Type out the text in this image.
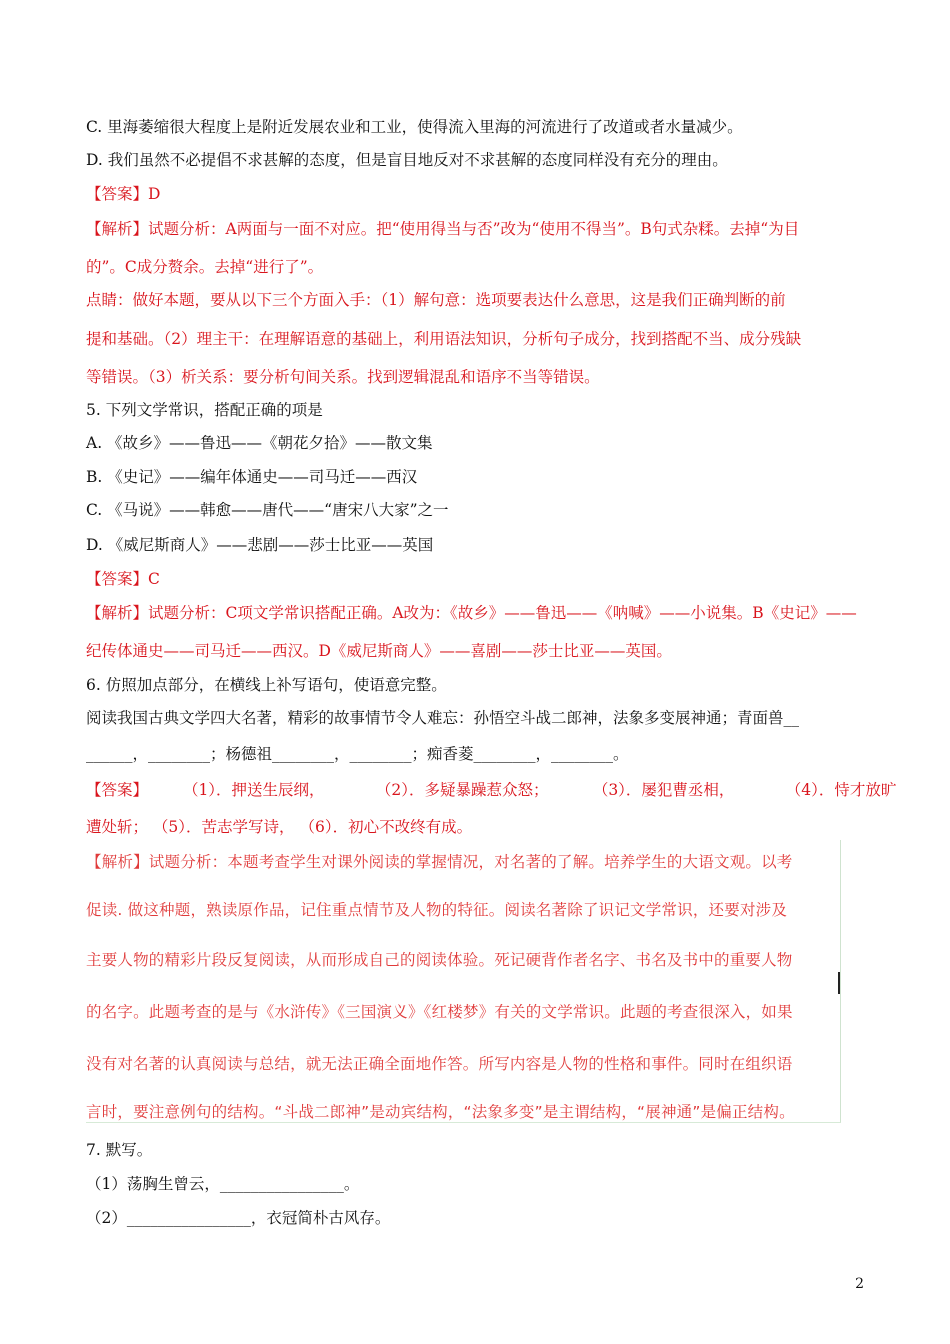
C. 里海萎缩很大程度上是附近发展农业和工业，使得流入里海的河流进行了改道或者水量减少。
D. 我们虽然不必提倡不求甚解的态度，但是盲目地反对不求甚解的态度同样没有充分的理由。
【答案】D
【解析】试题分析：A两面与一面不对应。把“使用得当与否”改为“使用不得当”。B句式杂糅。去掉“为目
的”。C成分赘余。去掉“进行了”。
点睛：做好本题，要从以下三个方面入手：（1）解句意：选项要表达什么意思，这是我们正确判断的前
提和基础。（2）理主干：在理解语意的基础上，利用语法知识，分析句子成分，找到搭配不当、成分残缺
等错误。（3）析关系：要分析句间关系。找到逻辑混乱和语序不当等错误。
5. 下列文学常识，搭配正确的项是
A. 《故乡》——鲁迅——《朝花夕拾》——散文集
B. 《史记》——编年体通史——司马迁——西汉
C. 《马说》——韩愈——唐代——“唐宋八大家”之一
D. 《威尼斯商人》——悲剧——莎士比亚——英国
【答案】C
【解析】试题分析：C项文学常识搭配正确。A改为：《故乡》——鲁迅——《呐喊》——小说集。B《史记》——
纪传体通史——司马迁——西汉。D《威尼斯商人》——喜剧——莎士比亚——英国。
6. 仿照加点部分，在横线上补写语句，使语意完整。
阅读我国古典文学四大名著，精彩的故事情节令人难忘：孙悟空斗战二郎神，法象多变展神通；青面兽__
______，________；杨德祖________，________；痴香菱________，________。
【答案】 （1）．押送生辰纲，	（2）．多疑暴躁惹众怒；	（3）．屡犯曹丞相，	（4）．恃才放旷
遭处斩； （5）．苦志学写诗， （6）．初心不改终有成。
【解析】试题分析：本题考查学生对课外阅读的掌握情况，对名著的了解。培养学生的大语文观。以考
促读. 做这种题，熟读原作品，记住重点情节及人物的特征。阅读名著除了识记文学常识，还要对涉及
主要人物的精彩片段反复阅读，从而形成自己的阅读体验。死记硬背作者名字、书名及书中的重要人物
的名字。此题考查的是与《水浒传》《三国演义》《红楼梦》有关的文学常识。此题的考查很深入，如果
没有对名著的认真阅读与总结，就无法正确全面地作答。所写内容是人物的性格和事件。同时在组织语
言时，要注意例句的结构。“斗战二郎神”是动宾结构，“法象多变”是主谓结构，“展神通”是偏正结构。
7. 默写。
（1）荡胸生曾云，________________。
（2）________________，衣冠简朴古风存。
2
